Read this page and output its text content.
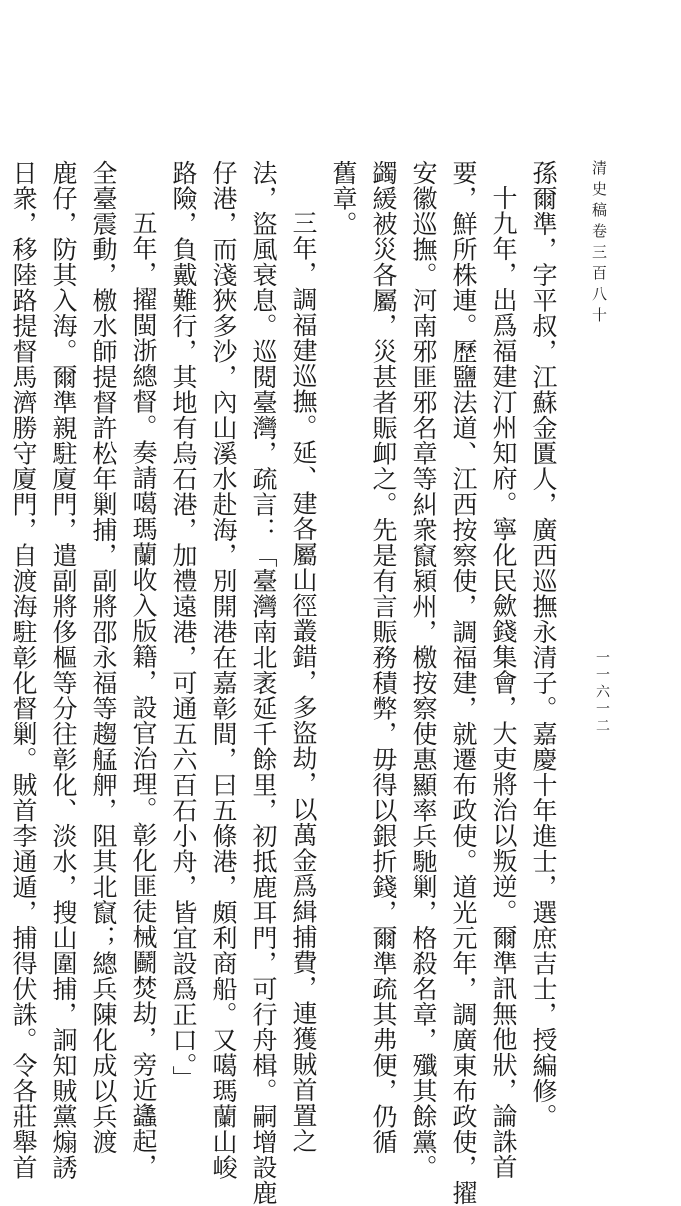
清史稿卷三百八十
孫爾準，字平叔，江蘇金匱人，廣西巡撫永清子。嘉慶十年進士，選庶吉士，授編修。
十九年，出爲福建汀州知府。寧化民歛錢集會，大吏將治以叛逆。爾準訊無他狀，論誅首
要，鮮所株連。歷鹽法道、江西按察使，調福建，就遷布政使。道光元年，調廣東布政使，擢
安徽巡撫。河南邪匪邪名章等糾衆竄潁州，檄按察使惠顯率兵馳剿，格殺名章，殲其餘黨。
蠲緩被災各屬，災甚者賑卹之。先是有言賑務積弊，毋得以銀折錢，爾準疏其弗便，仍循
舊章。
三年，調福建巡撫。延、建各屬山徑叢錯，多盜劫，以萬金爲緝捕費，連獲賊首置之
法，盜風衰息。巡閱臺灣，疏言：「臺灣南北袤延千餘里，初抵鹿耳門，可行舟楫。嗣增設鹿
仔港，而淺狹多沙，內山溪水赴海，別開港在嘉彰間，曰五條港，頗利商船。又噶瑪蘭山峻
路險，負戴難行，其地有烏石港，加禮遠港，可通五六百石小舟，皆宜設爲正口。」
五年，擢閩浙總督。奏請噶瑪蘭收入版籍，設官治理。彰化匪徒械鬬焚劫，旁近蠭起，
全臺震動，檄水師提督許松年剿捕，副將邵永福等趨艋舺，阻其北竄；總兵陳化成以兵渡
鹿仔，防其入海。爾準親駐廈門，遣副將侈樞等分往彰化、淡水，搜山圍捕，詗知賊黨煽誘
日衆，移陸路提督馬濟勝守廈門，自渡海駐彰化督剿。賊首李通遁，捕得伏誅。令各莊舉首	一一六一二
